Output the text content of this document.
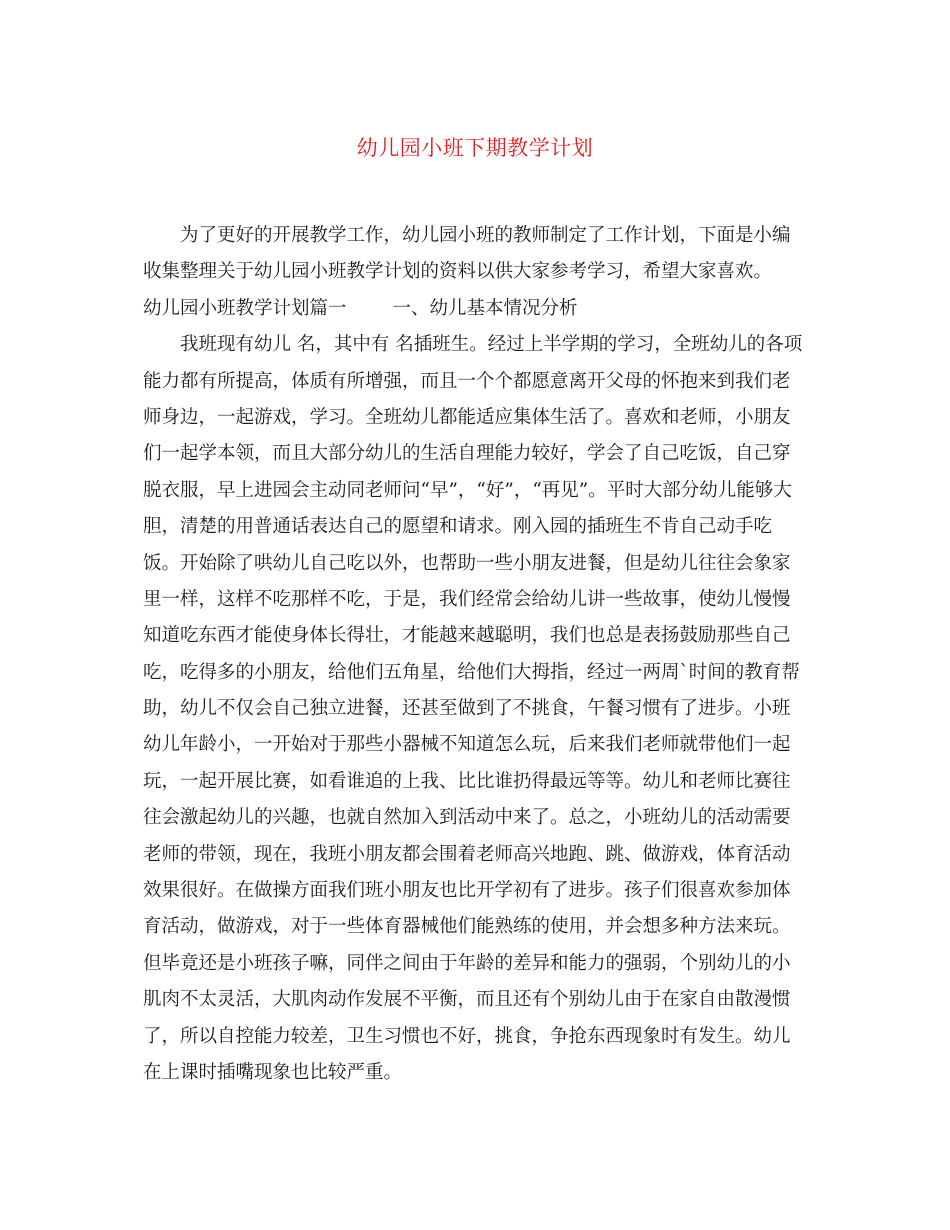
幼儿园小班下期教学计划
为了更好的开展教学工作，幼儿园小班的教师制定了工作计划，下面是小编
收集整理关于幼儿园小班教学计划的资料以供大家参考学习，希望大家喜欢。
幼儿园小班教学计划篇一 一、幼儿基本情况分析
我班现有幼儿 名，其中有 名插班生。经过上半学期的学习，全班幼儿的各项
能力都有所提高，体质有所增强，而且一个个都愿意离开父母的怀抱来到我们老
师身边，一起游戏，学习。全班幼儿都能适应集体生活了。喜欢和老师，小朋友
们一起学本领，而且大部分幼儿的生活自理能力较好，学会了自己吃饭，自己穿
脱衣服，早上进园会主动同老师问“早”，“好”，“再见”。平时大部分幼儿能够大
胆，清楚的用普通话表达自己的愿望和请求。刚入园的插班生不肯自己动手吃
饭。开始除了哄幼儿自己吃以外，也帮助一些小朋友进餐，但是幼儿往往会象家
里一样，这样不吃那样不吃，于是，我们经常会给幼儿讲一些故事，使幼儿慢慢
知道吃东西才能使身体长得壮，才能越来越聪明，我们也总是表扬鼓励那些自己
吃，吃得多的小朋友，给他们五角星，给他们大拇指，经过一两周`时间的教育帮
助，幼儿不仅会自己独立进餐，还甚至做到了不挑食，午餐习惯有了进步。小班
幼儿年龄小，一开始对于那些小器械不知道怎么玩，后来我们老师就带他们一起
玩，一起开展比赛，如看谁追的上我、比比谁扔得最远等等。幼儿和老师比赛往
往会激起幼儿的兴趣，也就自然加入到活动中来了。总之，小班幼儿的活动需要
老师的带领，现在，我班小朋友都会围着老师高兴地跑、跳、做游戏，体育活动
效果很好。在做操方面我们班小朋友也比开学初有了进步。孩子们很喜欢参加体
育活动，做游戏，对于一些体育器械他们能熟练的使用，并会想多种方法来玩。
但毕竟还是小班孩子嘛，同伴之间由于年龄的差异和能力的强弱，个别幼儿的小
肌肉不太灵活，大肌肉动作发展不平衡，而且还有个别幼儿由于在家自由散漫惯
了，所以自控能力较差，卫生习惯也不好，挑食，争抢东西现象时有发生。幼儿
在上课时插嘴现象也比较严重。
